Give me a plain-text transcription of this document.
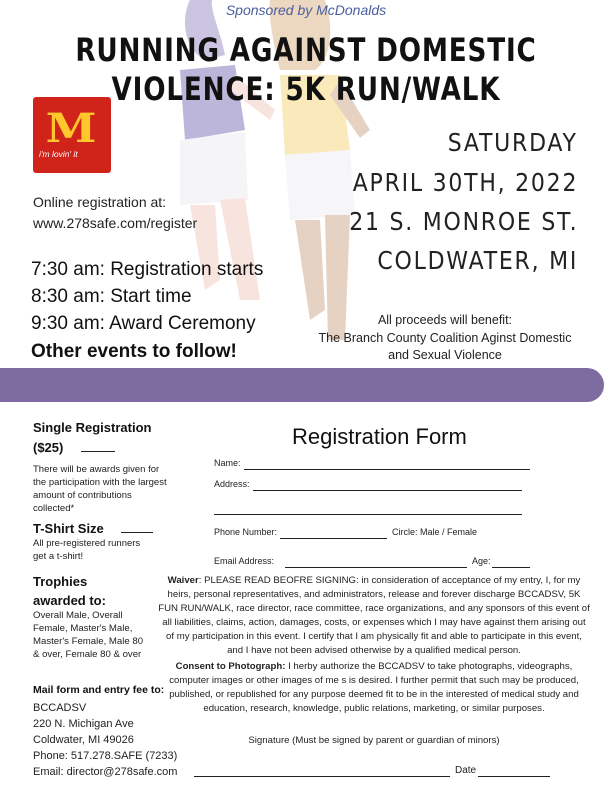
Sponsored by McDonalds
RUNNING AGAINST DOMESTIC
VIOLENCE: 5K RUN/WALK
M
i'm lovin' it	SATURDAY
APRIL 30TH, 2022
21 S. MONROE ST.
COLDWATER, MI
Online registration at:
www.278safe.com/register
7:30 am: Registration starts
8:30 am: Start time
9:30 am: Award Ceremony
Other events to follow!
All proceeds will benefit:
The Branch County Coalition Aginst Domestic
and Sexual Violence
Single Registration
($25)
There will be awards given for
the participation with the largest
amount of contributions
collected*
T-Shirt Size
All pre-registered runners
get a t-shirt!
Trophies
awarded to:
Overall Male, Overall
Female, Master's Male,
Master's Female, Male 80
& over, Female 80 & over
Mail form and entry fee to:
BCCADSV
220 N. Michigan Ave
Coldwater, MI 49026
Phone: 517.278.SAFE (7233)
Email: director@278safe.com
Registration Form
Name:
Address:
Phone Number:	Circle: Male / Female
Email Address:	Age:
Waiver: PLEASE READ BEOFRE SIGNING: in consideration of acceptance of my entry, I, for my heirs, personal representatives, and administrators, release and forever discharge BCCADSV, 5K FUN RUN/WALK, race director, race committee, race organizations, and any sponsors of this event of all liabilities, claims, action, damages, costs, or expenses which I may have against them arising out of my participation in this event. I certify that I am physically fit and able to participate in this event, and I have not been advised otherwise by a qualified medical person.
Consent to Photograph: I herby authorize the BCCADSV to take photographs, videographs, computer images or other images of me s is desired. I further permit that such may be produced, published, or republished for any purpose deemed fit to be in the interested of medical study and education, research, knowledge, public relations, marketing, or similar purposes.
Signature (Must be signed by parent or guardian of minors)
Date
